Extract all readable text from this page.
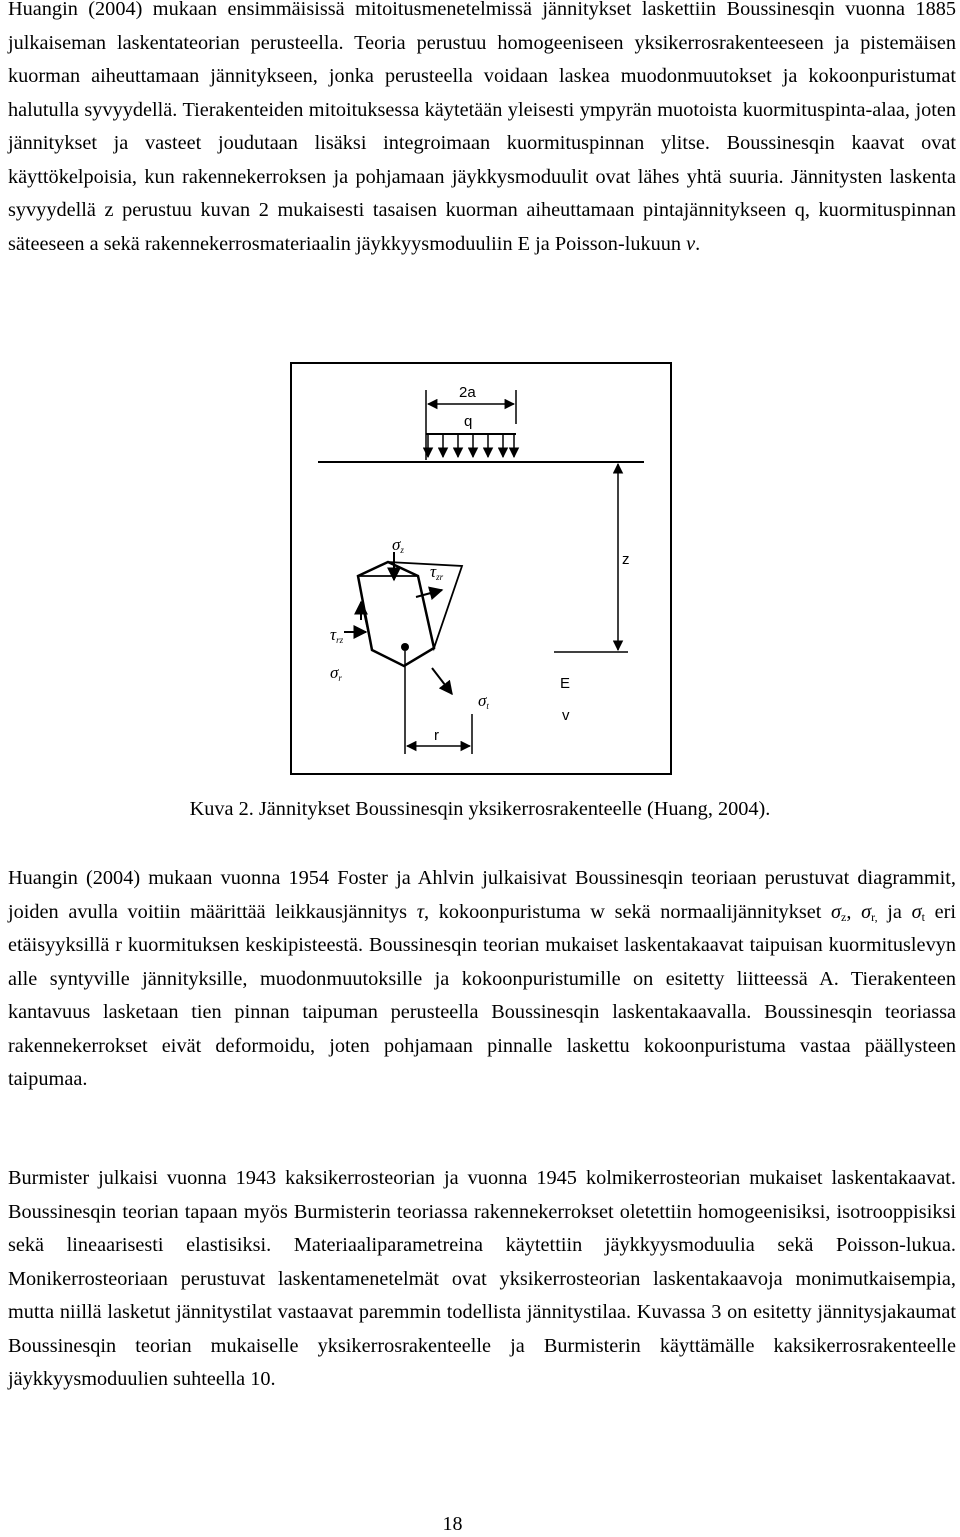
Huangin (2004) mukaan ensimmäisissä mitoitusmenetelmissä jännitykset laskettiin Boussinesqin vuonna 1885 julkaiseman laskentateorian perusteella. Teoria perustuu homogeeniseen yksikerrosrakenteeseen ja pistemäisen kuorman aiheuttamaan jännitykseen, jonka perusteella voidaan laskea muodonmuutokset ja kokoonpuristumat halutulla syvyydellä. Tierakenteiden mitoituksessa käytetään yleisesti ympyrän muotoista kuormituspinta-alaa, joten jännitykset ja vasteet joudutaan lisäksi integroimaan kuormituspinnan ylitse. Boussinesqin kaavat ovat käyttökelpoisia, kun rakennekerroksen ja pohjamaan jäykkysmoduulit ovat lähes yhtä suuria. Jännitysten laskenta syvyydellä z perustuu kuvan 2 mukaisesti tasaisen kuorman aiheuttamaan pintajännitykseen q, kuormituspinnan säteeseen a sekä rakennekerrosmateriaalin jäykkyysmoduuliin E ja Poisson-lukuun ν.

2a
q
z
σz
τzr
τrz
σr
σt
E
v
r

Kuva 2. Jännitykset Boussinesqin yksikerrosrakenteelle (Huang, 2004).

Huangin (2004) mukaan vuonna 1954 Foster ja Ahlvin julkaisivat Boussinesqin teoriaan perustuvat diagrammit, joiden avulla voitiin määrittää leikkausjännitys τ, kokoonpuristuma w sekä normaalijännitykset $\sigma_z$, $\sigma_{r,}$ ja $\sigma_t$ eri etäisyyksillä r kuormituksen keskipisteestä. Boussinesqin teorian mukaiset laskentakaavat taipuisan kuormituslevyn alle syntyville jännityksille, muodonmuutoksille ja kokoonpuristumille on esitetty liitteessä A. Tierakenteen kantavuus lasketaan tien pinnan taipuman perusteella Boussinesqin laskentakaavalla. Boussinesqin teoriassa rakennekerrokset eivät deformoidu, joten pohjamaan pinnalle laskettu kokoonpuristuma vastaa päällysteen taipumaa.

Burmister julkaisi vuonna 1943 kaksikerrosteorian ja vuonna 1945 kolmikerrosteorian mukaiset laskentakaavat. Boussinesqin teorian tapaan myös Burmisterin teoriassa rakennekerrokset oletettiin homogeenisiksi, isotrooppisiksi sekä lineaarisesti elastisiksi. Materiaaliparametreina käytettiin jäykkyysmoduulia sekä Poisson-lukua. Monikerrosteoriaan perustuvat laskentamenetelmät ovat yksikerrosteorian laskentakaavoja monimutkaisempia, mutta niillä lasketut jännitystilat vastaavat paremmin todellista jännitystilaa. Kuvassa 3 on esitetty jännitysjakaumat Boussinesqin teorian mukaiselle yksikerrosrakenteelle ja Burmisterin käyttämälle kaksikerrosrakenteelle jäykkyysmoduulien suhteella 10.

18
